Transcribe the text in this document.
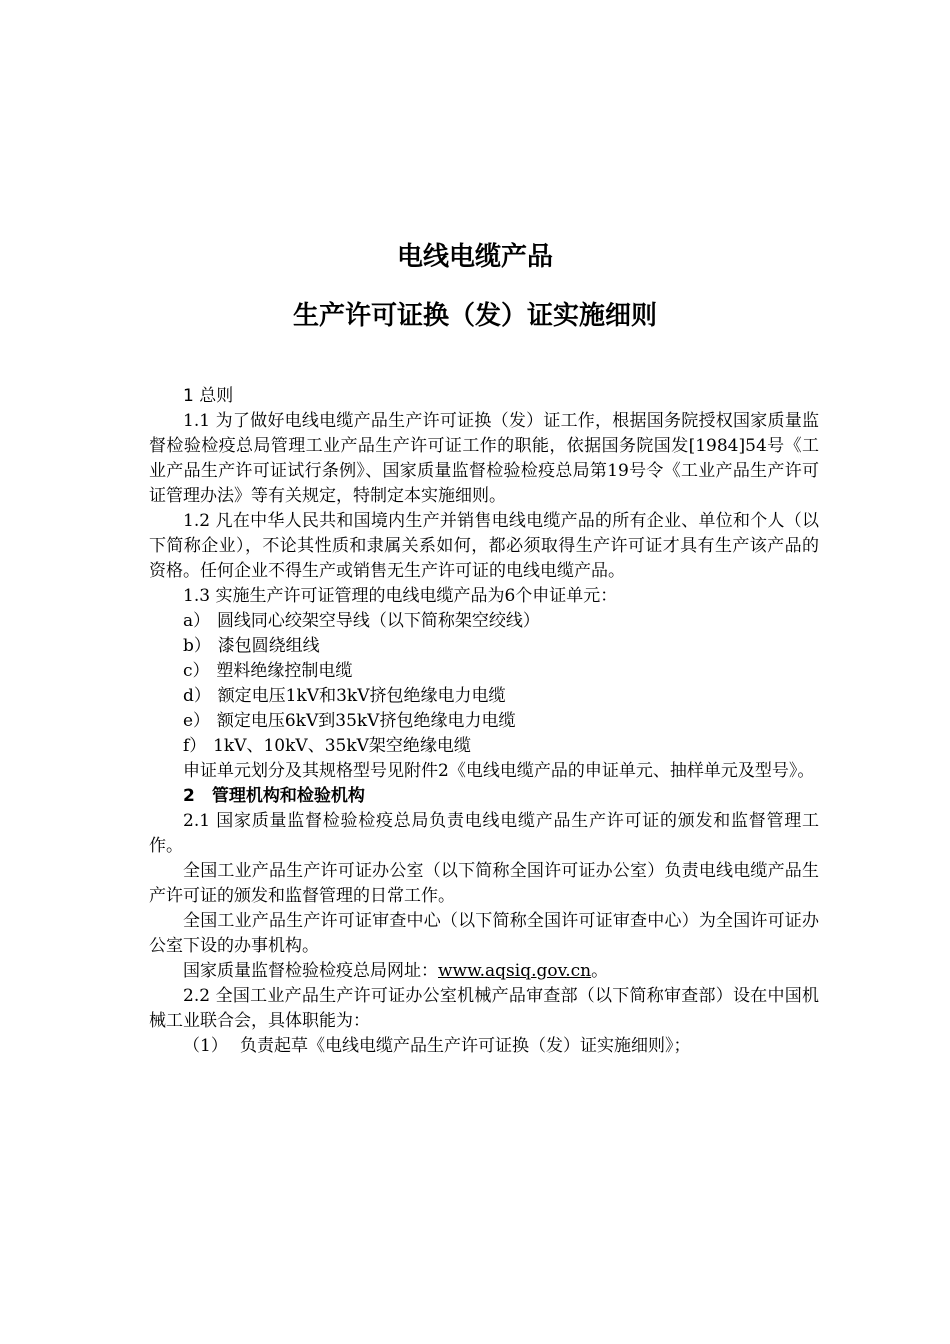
电线电缆产品
生产许可证换（发）证实施细则

1 总则

1.1 为了做好电线电缆产品生产许可证换（发）证工作，根据国务院授权国家质量监督检验检疫总局管理工业产品生产许可证工作的职能，依据国务院国发[1984]54号《工业产品生产许可证试行条例》、国家质量监督检验检疫总局第19号令《工业产品生产许可证管理办法》等有关规定，特制定本实施细则。

1.2 凡在中华人民共和国境内生产并销售电线电缆产品的所有企业、单位和个人（以下简称企业），不论其性质和隶属关系如何，都必须取得生产许可证才具有生产该产品的资格。任何企业不得生产或销售无生产许可证的电线电缆产品。

1.3 实施生产许可证管理的电线电缆产品为6个申证单元：

a） 圆线同心绞架空导线（以下简称架空绞线）

b） 漆包圆绕组线

c） 塑料绝缘控制电缆

d） 额定电压1kV和3kV挤包绝缘电力电缆

e） 额定电压6kV到35kV挤包绝缘电力电缆

f） 1kV、10kV、35kV架空绝缘电缆

申证单元划分及其规格型号见附件2《电线电缆产品的申证单元、抽样单元及型号》。

2　管理机构和检验机构

2.1 国家质量监督检验检疫总局负责电线电缆产品生产许可证的颁发和监督管理工作。

全国工业产品生产许可证办公室（以下简称全国许可证办公室）负责电线电缆产品生产许可证的颁发和监督管理的日常工作。

全国工业产品生产许可证审查中心（以下简称全国许可证审查中心）为全国许可证办公室下设的办事机构。

国家质量监督检验检疫总局网址：www.aqsiq.gov.cn。

2.2 全国工业产品生产许可证办公室机械产品审查部（以下简称审查部）设在中国机械工业联合会，具体职能为：

（1） 负责起草《电线电缆产品生产许可证换（发）证实施细则》；
